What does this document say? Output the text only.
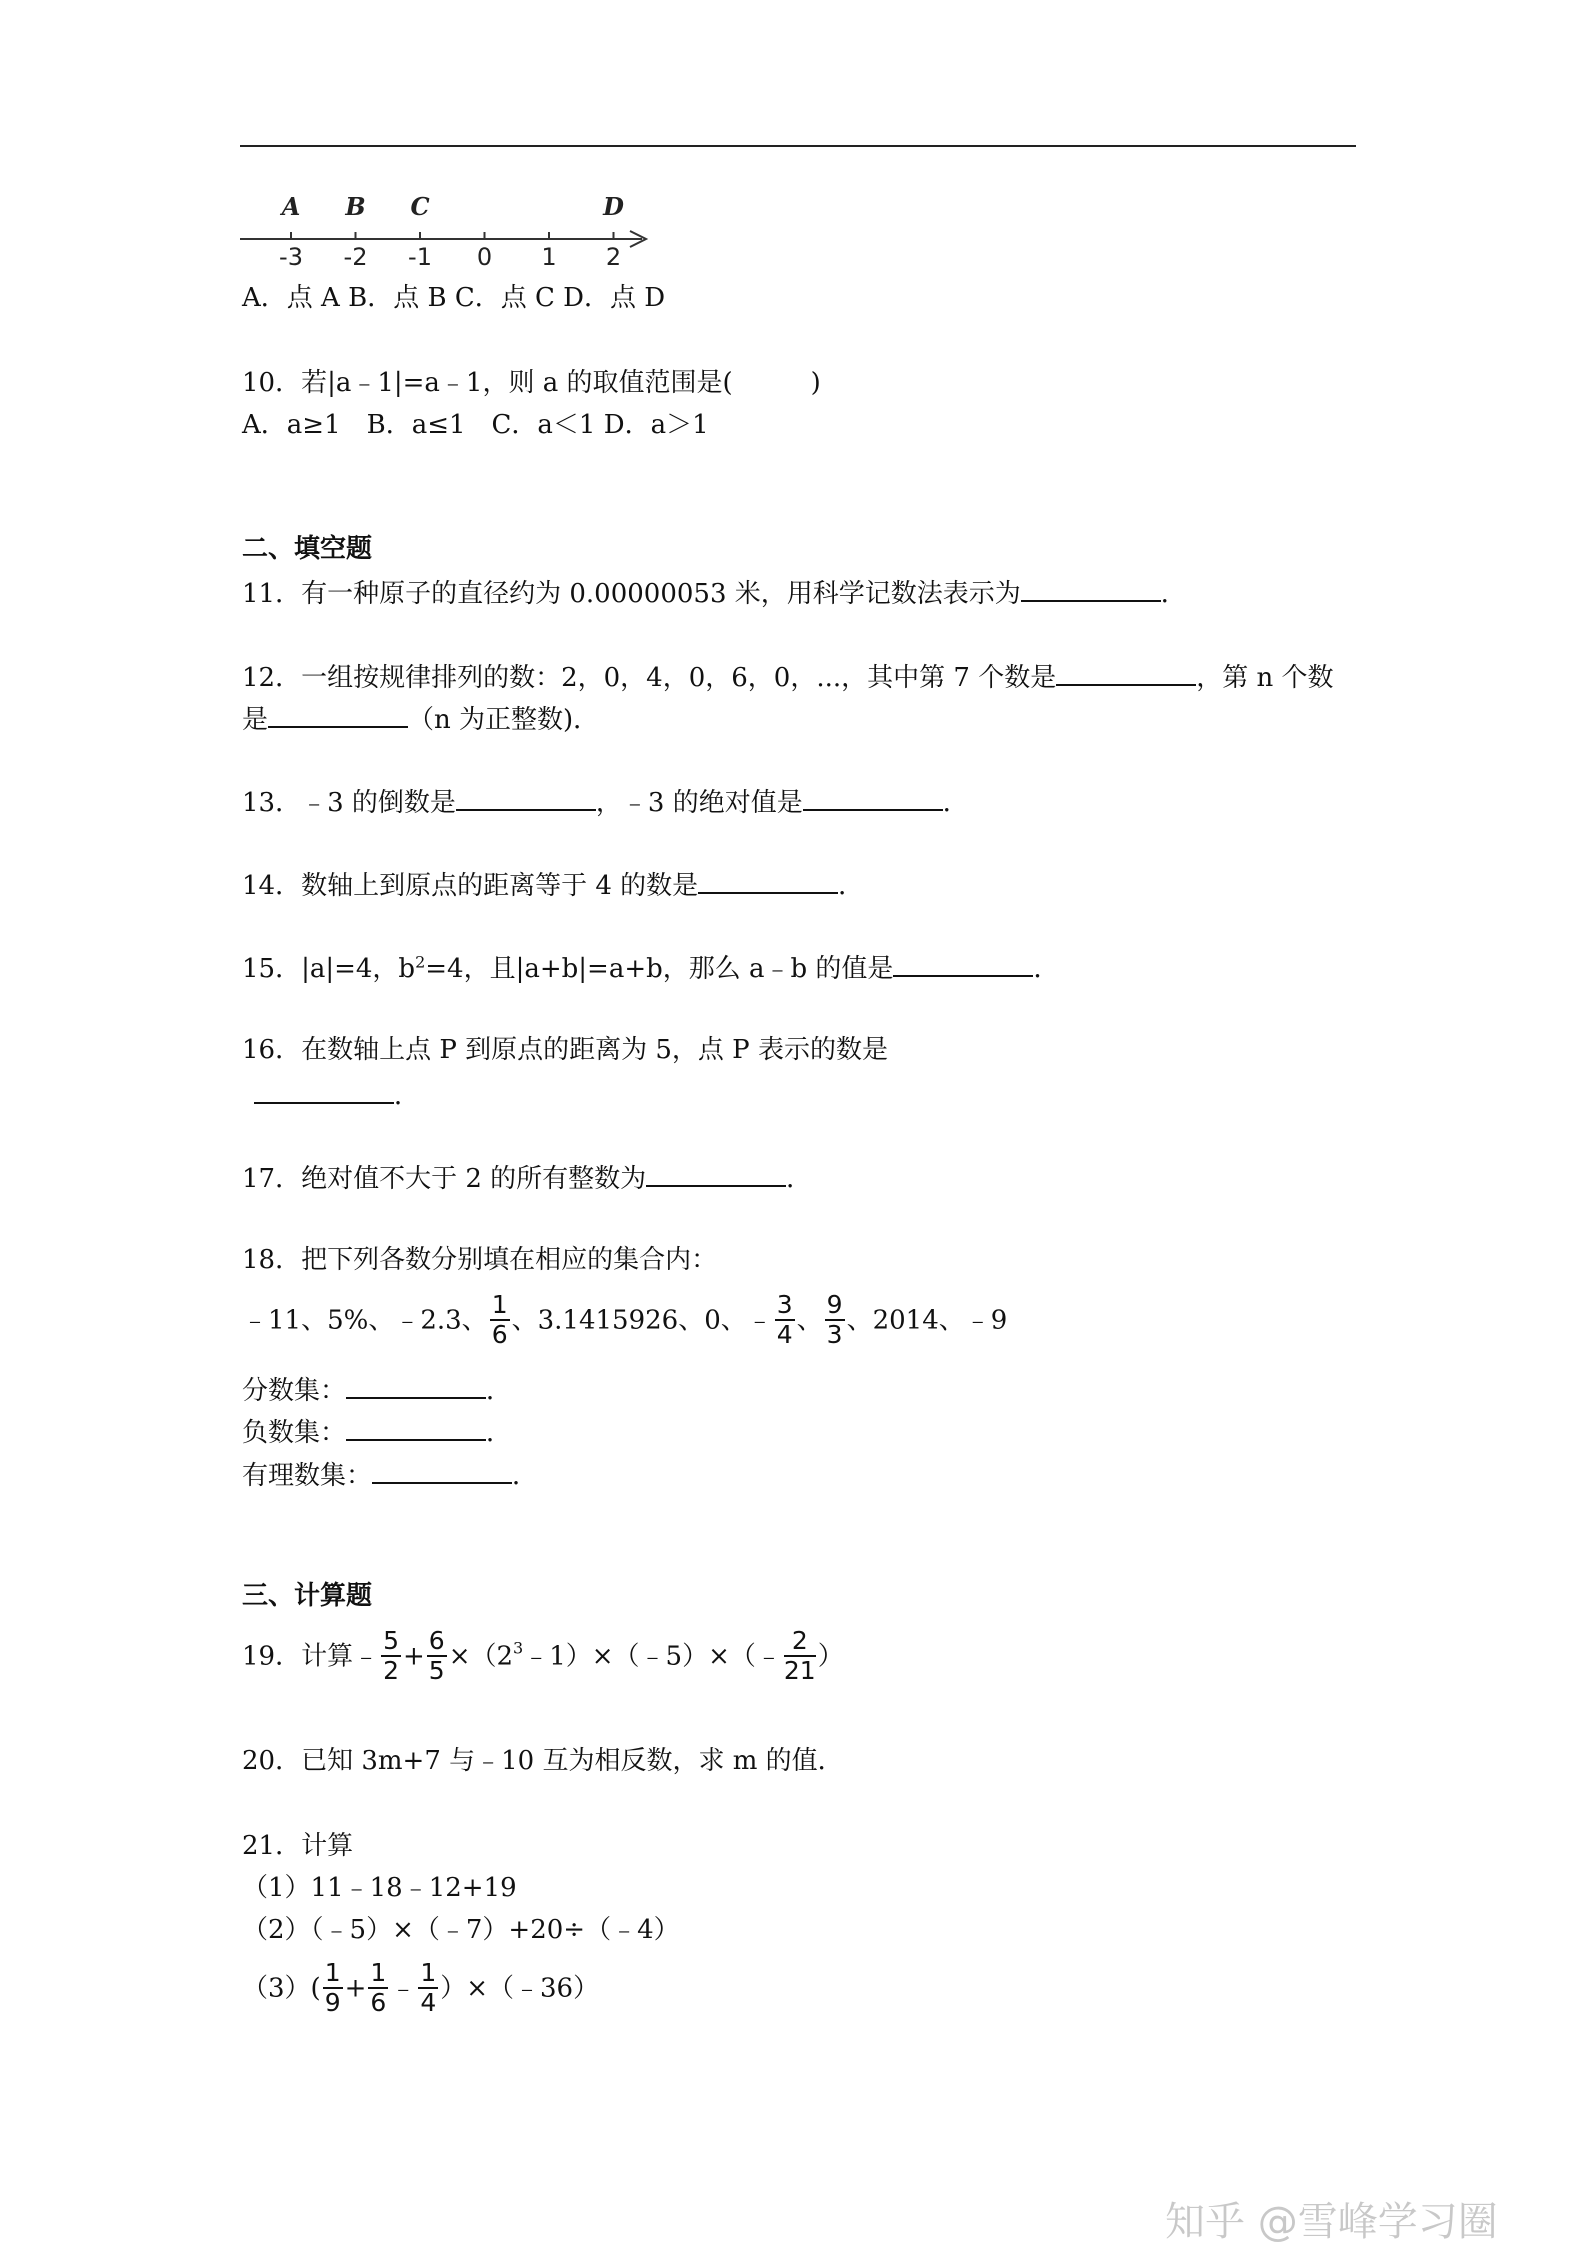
-3 -2 -1 0 1 2
A B C	D
A．点 A B．点 B C．点 C D．点 D
10．若|a﹣1|=a﹣1，则 a 的取值范围是(　　　)
A．a≥1　B．a≤1　C．a＜1 D．a＞1
二、填空题
11．有一种原子的直径约为 0.00000053 米，用科学记数法表示为	．
12．一组按规律排列的数：2，0，4，0，6，0，...，其中第 7 个数是	，第 n 个数
是	（n 为正整数)．
13．﹣3 的倒数是	，﹣3 的绝对值是	．
14．数轴上到原点的距离等于 4 的数是	．
15．|a|=4，$b^2=4$，且|a+b|=a+b，那么 a﹣b 的值是	．
16．在数轴上点 P 到原点的距离为 5，点 P 表示的数是
．
17．绝对值不大于 2 的所有整数为	．
18．把下列各数分别填在相应的集合内：
﹣11、5%、﹣2.3、 $\frac{1}{6}$ 、3.1415926、0、﹣ $\frac{3}{4}$ 、 $\frac{9}{3}$ 、2014、﹣9
分数集：	．
负数集：	．
有理数集：	．
三、计算题
19．计算﹣ $\frac{5}{2} + \frac{6}{5}$ $\times(2^3﹣1)\times(﹣5)\times(﹣ \frac{2}{21}$ ）
20．已知 3m+7 与﹣10 互为相反数，求 m 的值．
21．计算
（1）11﹣18﹣12+19
（2）（﹣5）×（﹣7）+20÷（﹣4）
$(3)( \frac{1}{9} + \frac{1}{6}$ ﹣ $\frac{1}{4}$ ）×（﹣36）
知乎 @雪峰学习圈
